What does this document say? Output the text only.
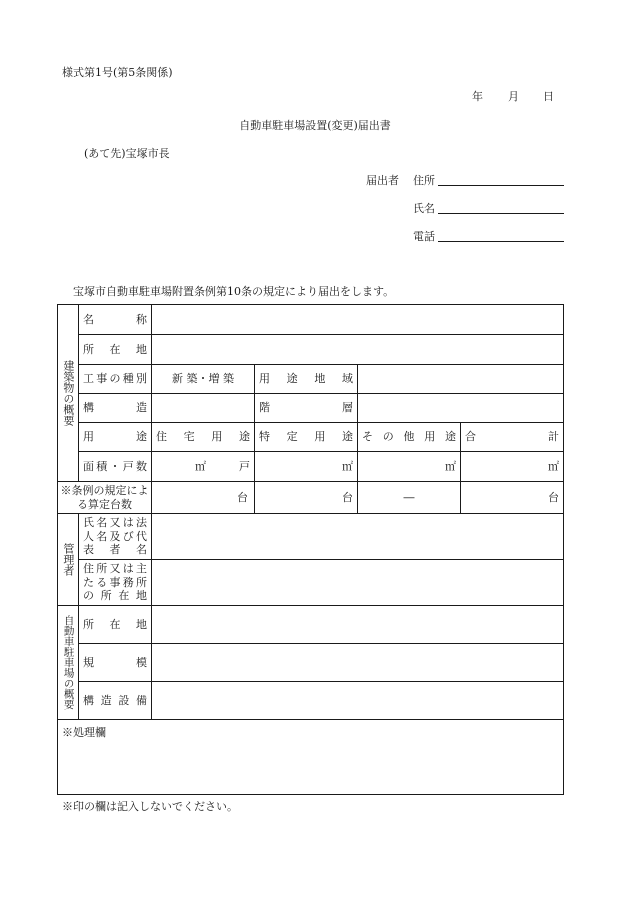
様式第1号(第5条関係)
年 月 日
自動車駐車場設置(変更)届出書
(あて先)宝塚市長
届出者 住所
氏名
電話
宝塚市自動車駐車場附置条例第10条の規定により届出をします。
建築物の概要	名　　称				
	所　在　地				
	工事の種別	新 築・増 築	用 途 地 域		
	構　　造		階　　層		
	用　　途	住 宅 用 途	特 定 用 途	そ の 他 用 途	合　　計
	面積・戸数	㎡ 戸	㎡	㎡	㎡
※条例の規定による算定台数		台	台	―	台
管理者	氏名又は法人名及び代表者名				
	住所又は主たる事務所の所在地				
自動車駐車場の概要	所　在　地				
	規　　模				
	構 造 設 備				
※処理欄					
※印の欄は記入しないでください。
